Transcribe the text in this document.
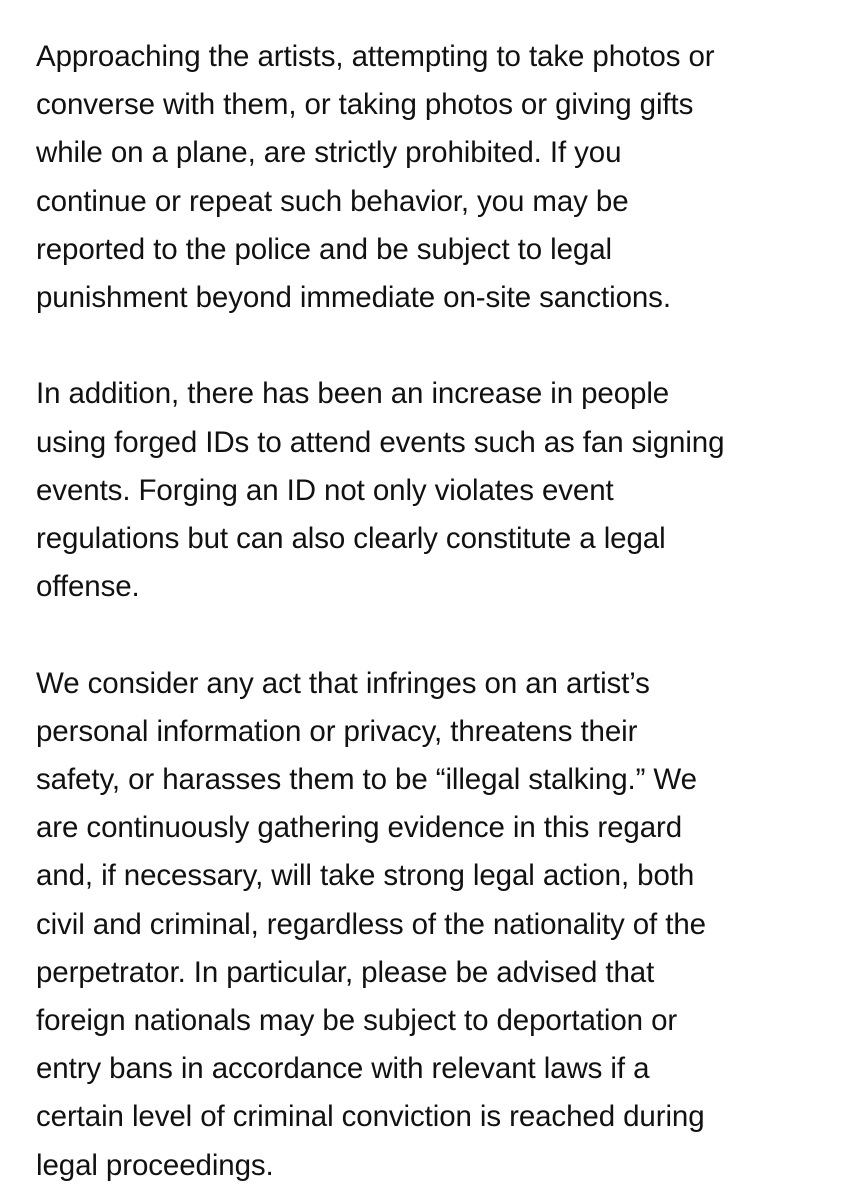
Approaching the artists, attempting to take photos or
converse with them, or taking photos or giving gifts
while on a plane, are strictly prohibited. If you
continue or repeat such behavior, you may be
reported to the police and be subject to legal
punishment beyond immediate on-site sanctions.
In addition, there has been an increase in people
using forged IDs to attend events such as fan signing
events. Forging an ID not only violates event
regulations but can also clearly constitute a legal
offense.
We consider any act that infringes on an artist’s
personal information or privacy, threatens their
safety, or harasses them to be “illegal stalking.” We
are continuously gathering evidence in this regard
and, if necessary, will take strong legal action, both
civil and criminal, regardless of the nationality of the
perpetrator. In particular, please be advised that
foreign nationals may be subject to deportation or
entry bans in accordance with relevant laws if a
certain level of criminal conviction is reached during
legal proceedings.
